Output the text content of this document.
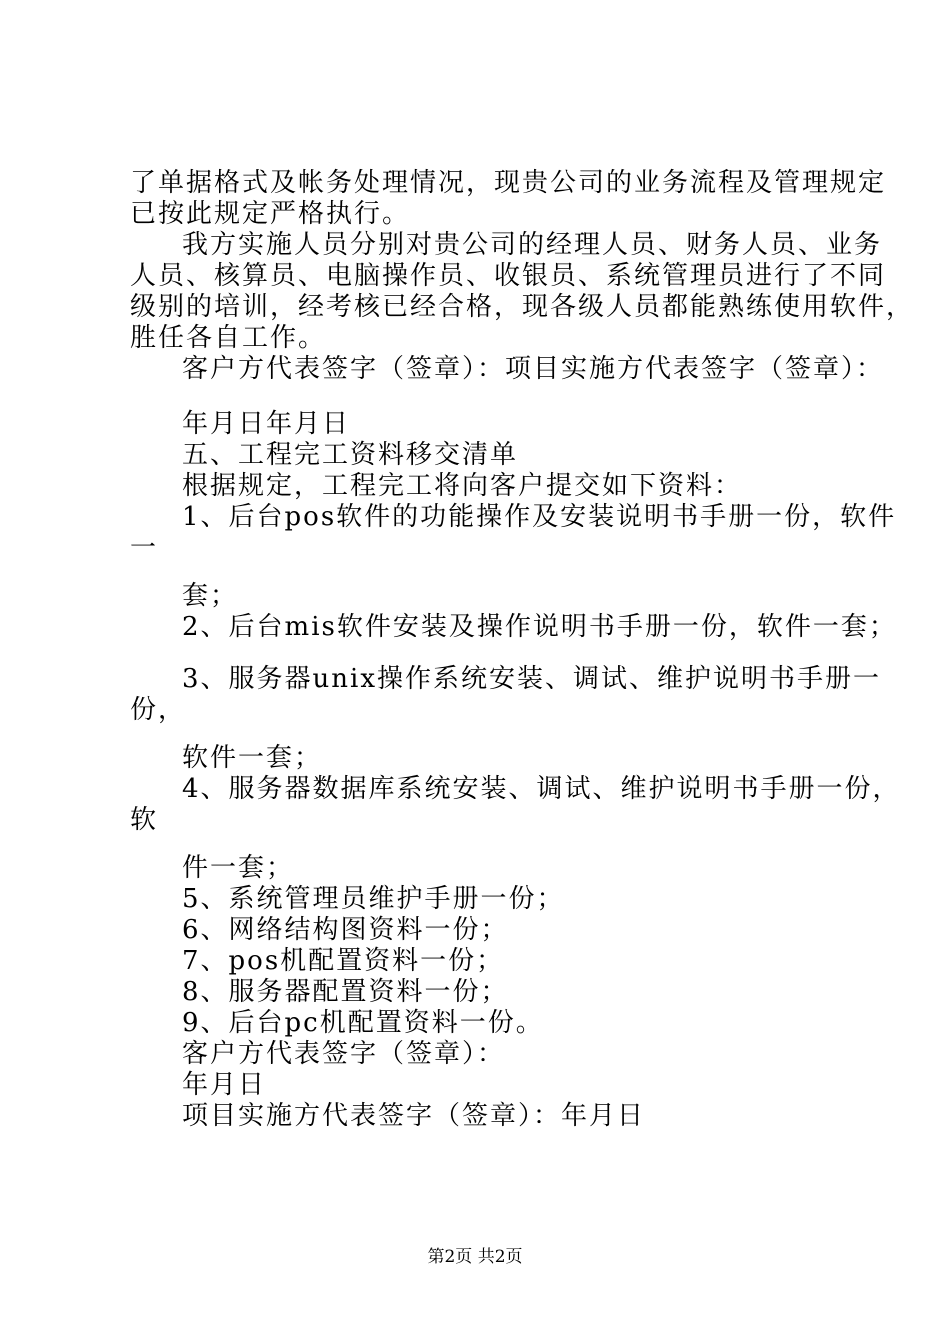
了单据格式及帐务处理情况，现贵公司的业务流程及管理规定
已按此规定严格执行。
我方实施人员分别对贵公司的经理人员、财务人员、业务
人员、核算员、电脑操作员、收银员、系统管理员进行了不同
级别的培训，经考核已经合格，现各级人员都能熟练使用软件，
胜任各自工作。
客户方代表签字（签章）：项目实施方代表签字（签章）：
年月日年月日
五、工程完工资料移交清单
根据规定，工程完工将向客户提交如下资料：
1、后台pos软件的功能操作及安装说明书手册一份，软件
一
套；
2、后台mis软件安装及操作说明书手册一份，软件一套；
3、服务器unix操作系统安装、调试、维护说明书手册一
份，
软件一套；
4、服务器数据库系统安装、调试、维护说明书手册一份，
软
件一套；
5、系统管理员维护手册一份；
6、网络结构图资料一份；
7、pos机配置资料一份；
8、服务器配置资料一份；
9、后台pc机配置资料一份。
客户方代表签字（签章）：
年月日
项目实施方代表签字（签章）：年月日
第2页 共2页
